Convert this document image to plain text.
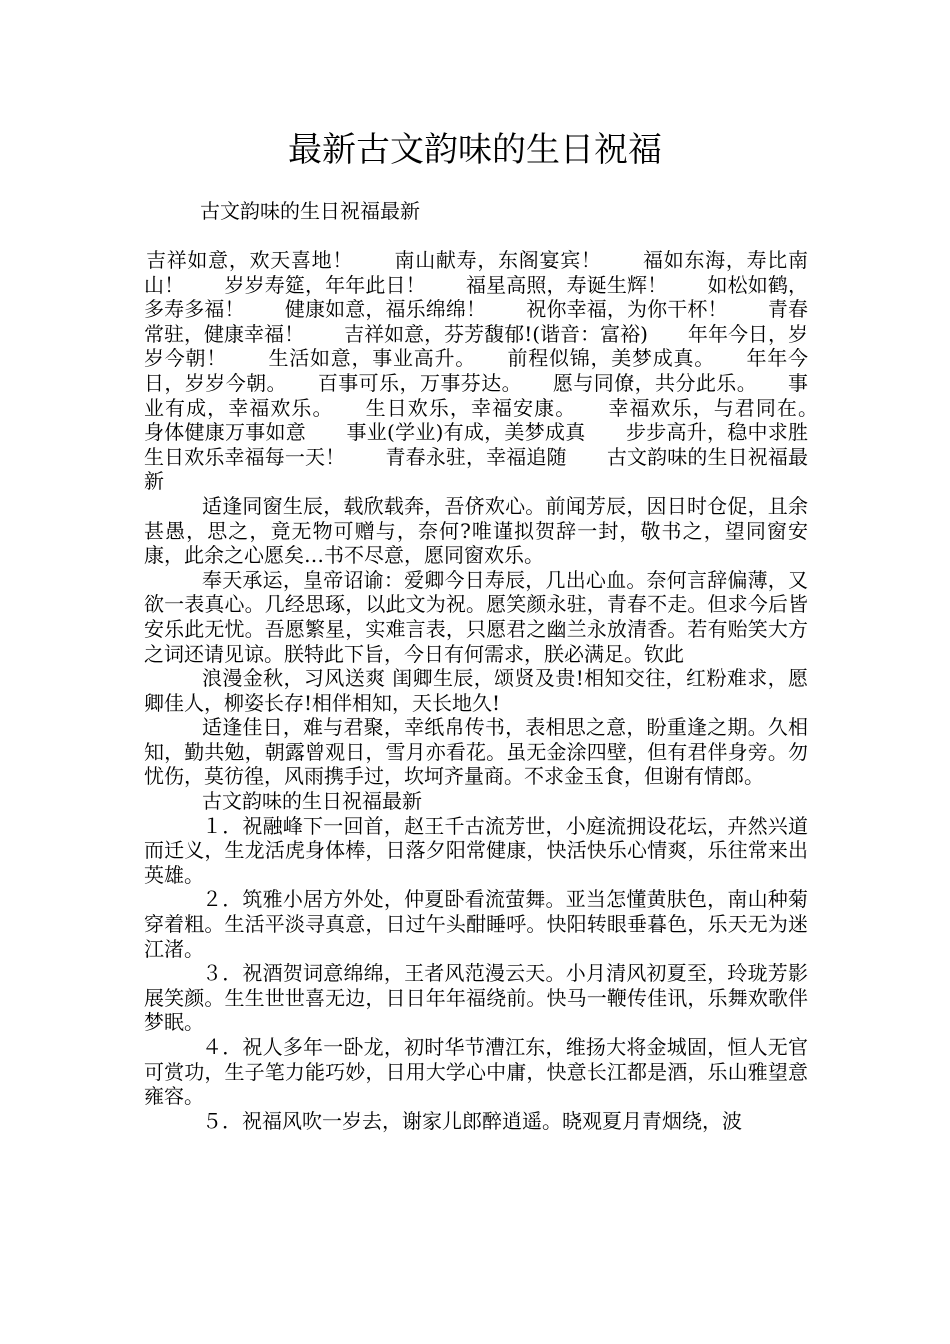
最新古文韵味的生日祝福
古文韵味的生日祝福最新

吉祥如意，欢天喜地！　　南山献寿，东阁宴宾！　　福如东海，寿比南山！　　岁岁寿筵，年年此日！　　福星高照，寿诞生辉！　　如松如鹤，多寿多福！　　健康如意，福乐绵绵！　　祝你幸福，为你干杯！　　青春常驻，健康幸福！　　吉祥如意，芬芳馥郁!(谐音：富裕)　　年年今日，岁岁今朝！　　生活如意，事业高升。　　前程似锦，美梦成真。　　年年今日，岁岁今朝。　　百事可乐，万事芬达。　　愿与同僚，共分此乐。　　事业有成，幸福欢乐。　　生日欢乐，幸福安康。　　幸福欢乐，与君同在。　　身体健康万事如意　　事业(学业)有成，美梦成真　　步步高升，稳中求胜　　生日欢乐幸福每一天！　　青春永驻，幸福追随　　古文韵味的生日祝福最新

适逢同窗生辰，载欣载奔，吾侪欢心。前闻芳辰，因日时仓促，且余甚愚，思之，竟无物可赠与，奈何?唯谨拟贺辞一封，敬书之，望同窗安康，此余之心愿矣…书不尽意，愿同窗欢乐。

奉天承运，皇帝诏谕：爱卿今日寿辰，几出心血。奈何言辞偏薄，又欲一表真心。几经思琢，以此文为祝。愿笑颜永驻，青春不走。但求今后皆安乐此无忧。吾愿繁星，实难言表，只愿君之幽兰永放清香。若有贻笑大方之词还请见谅。朕特此下旨，今日有何需求，朕必满足。钦此

浪漫金秋，习风送爽 闺卿生辰，颂贤及贵!相知交往，红粉难求，愿卿佳人，柳姿长存!相伴相知，天长地久!

适逢佳日，难与君聚，幸纸帛传书，表相思之意，盼重逢之期。久相知，勤共勉，朝露曾观日，雪月亦看花。虽无金涂四壁，但有君伴身旁。勿忧伤，莫彷徨，风雨携手过，坎坷齐量商。不求金玉食，但谢有情郎。

古文韵味的生日祝福最新

１．祝融峰下一回首，赵王千古流芳世，小庭流拥设花坛，卉然兴道而迁义，生龙活虎身体棒，日落夕阳常健康，快活快乐心情爽，乐往常来出英雄。

２．筑雅小居方外处，仲夏卧看流萤舞。亚当怎懂黄肤色，南山种菊穿着粗。生活平淡寻真意，日过午头酣睡呼。快阳转眼垂暮色，乐天无为迷江渚。

３．祝酒贺词意绵绵，王者风范漫云天。小月清风初夏至，玲珑芳影展笑颜。生生世世喜无边，日日年年福绕前。快马一鞭传佳讯，乐舞欢歌伴梦眠。

４．祝人多年一卧龙，初时华节漕江东，维扬大将金城固，恒人无官可赏功，生子笔力能巧妙，日用大学心中庸，快意长江都是酒，乐山雅望意雍容。

５．祝福风吹一岁去，谢家儿郎醉逍遥。晓观夏月青烟绕，波
